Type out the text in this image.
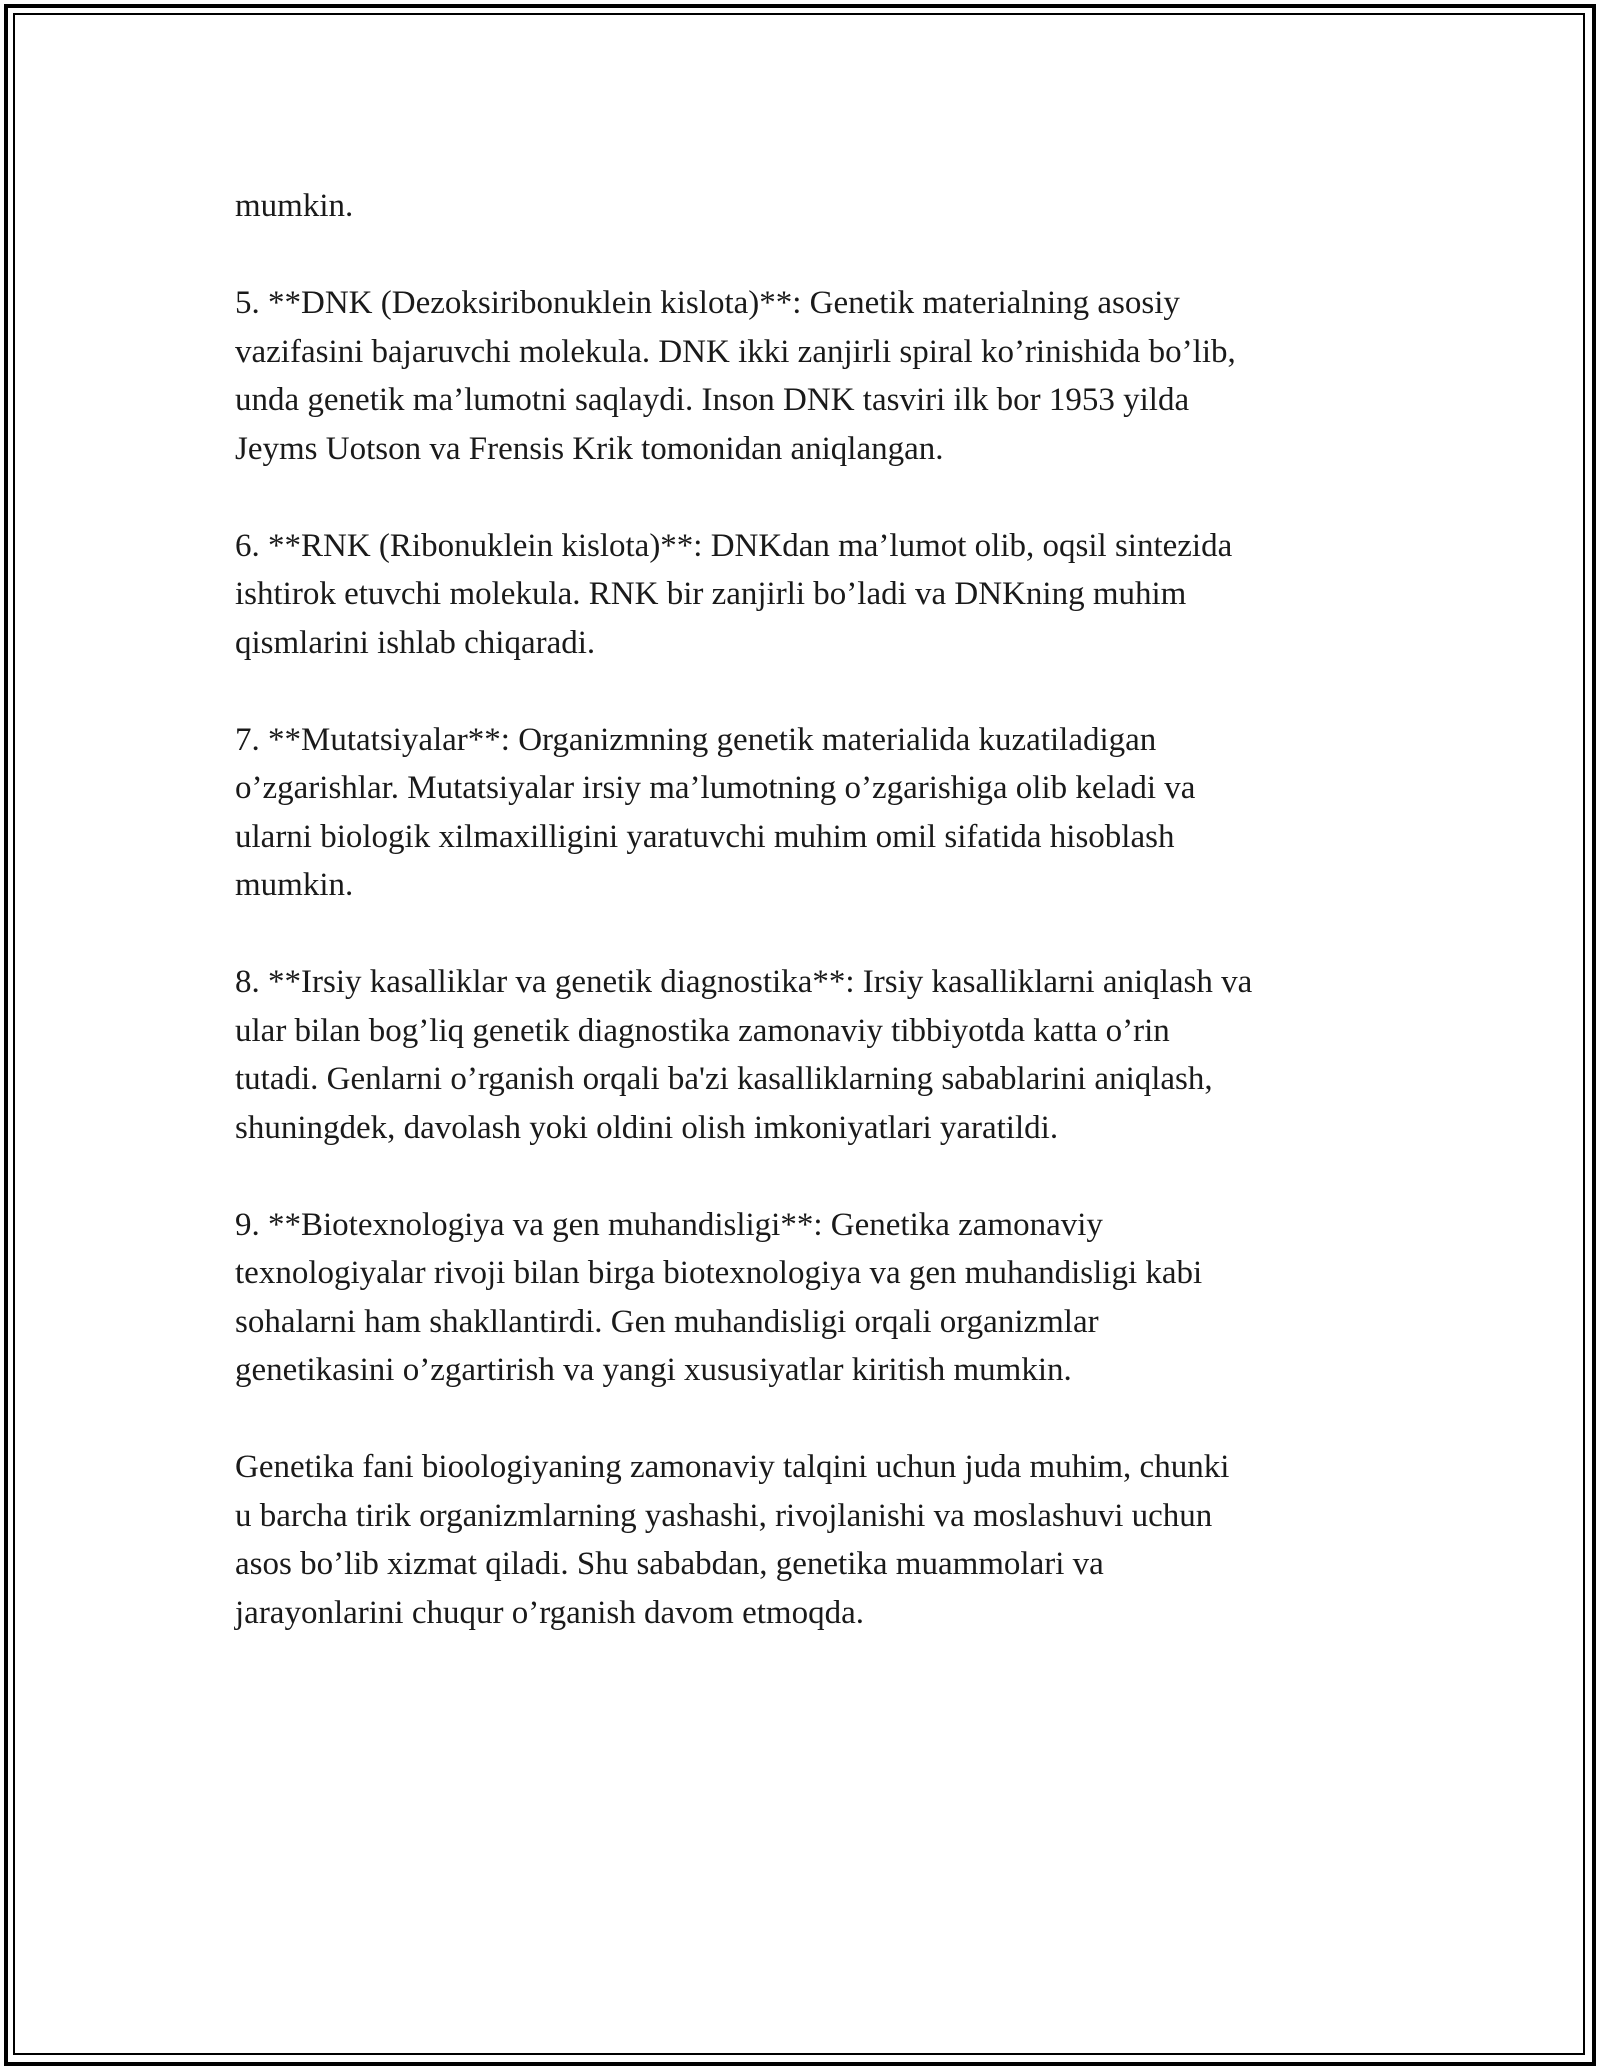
mumkin.

5. **DNK (Dezoksiribonuklein kislota)**: Genetik materialning asosiy
vazifasini bajaruvchi molekula. DNK ikki zanjirli spiral ko’rinishida bo’lib,
unda genetik ma’lumotni saqlaydi. Inson DNK tasviri ilk bor 1953 yilda
Jeyms Uotson va Frensis Krik tomonidan aniqlangan.

6. **RNK (Ribonuklein kislota)**: DNKdan ma’lumot olib, oqsil sintezida
ishtirok etuvchi molekula. RNK bir zanjirli bo’ladi va DNKning muhim
qismlarini ishlab chiqaradi.

7. **Mutatsiyalar**: Organizmning genetik materialida kuzatiladigan
o’zgarishlar. Mutatsiyalar irsiy ma’lumotning o’zgarishiga olib keladi va
ularni biologik xilmaxilligini yaratuvchi muhim omil sifatida hisoblash
mumkin.

8. **Irsiy kasalliklar va genetik diagnostika**: Irsiy kasalliklarni aniqlash va
ular bilan bog’liq genetik diagnostika zamonaviy tibbiyotda katta o’rin
tutadi. Genlarni o’rganish orqali ba'zi kasalliklarning sabablarini aniqlash,
shuningdek, davolash yoki oldini olish imkoniyatlari yaratildi.

9. **Biotexnologiya va gen muhandisligi**: Genetika zamonaviy
texnologiyalar rivoji bilan birga biotexnologiya va gen muhandisligi kabi
sohalarni ham shakllantirdi. Gen muhandisligi orqali organizmlar
genetikasini o’zgartirish va yangi xususiyatlar kiritish mumkin.

Genetika fani bioologiyaning zamonaviy talqini uchun juda muhim, chunki
u barcha tirik organizmlarning yashashi, rivojlanishi va moslashuvi uchun
asos bo’lib xizmat qiladi. Shu sababdan, genetika muammolari va
jarayonlarini chuqur o’rganish davom etmoqda.
